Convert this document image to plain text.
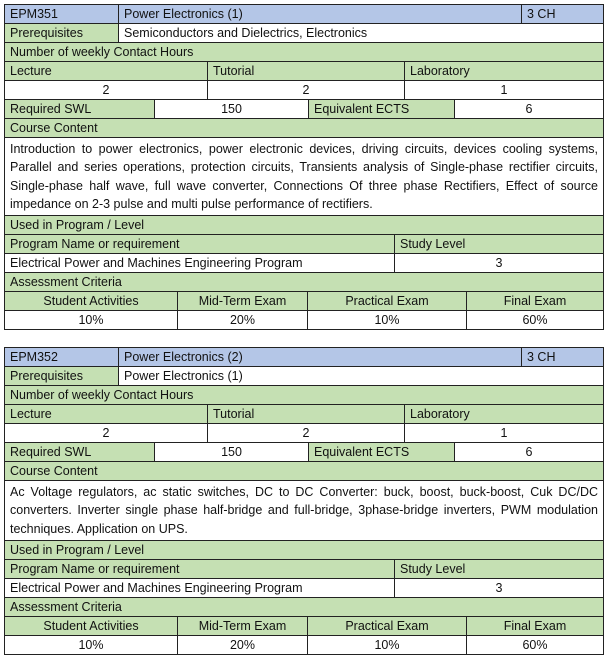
EPM351	Power Electronics (1)	3 CH
Prerequisites	Semiconductors and Dielectrics, Electronics
Number of weekly Contact Hours
Lecture	Tutorial	Laboratory
2	2	1
Required SWL	150	Equivalent ECTS	6
Course Content
Introduction to power electronics, power electronic devices, driving circuits, devices cooling systems, Parallel and series operations, protection circuits, Transients analysis of Single-phase rectifier circuits, Single-phase half wave, full wave converter, Connections Of three phase Rectifiers, Effect of source impedance on 2-3 pulse and multi pulse performance of rectifiers.
Used in Program / Level
Program Name or requirement	Study Level
Electrical Power and Machines Engineering Program	3
Assessment Criteria
Student Activities	Mid-Term Exam	Practical Exam	Final Exam
10%	20%	10%	60%
EPM352	Power Electronics (2)	3 CH
Prerequisites	Power Electronics (1)
Number of weekly Contact Hours
Lecture	Tutorial	Laboratory
2	2	1
Required SWL	150	Equivalent ECTS	6
Course Content
Ac Voltage regulators, ac static switches, DC to DC Converter: buck, boost, buck-boost, Cuk DC/DC converters. Inverter single phase half-bridge and full-bridge, 3phase-bridge inverters, PWM modulation techniques. Application on UPS.
Used in Program / Level
Program Name or requirement	Study Level
Electrical Power and Machines Engineering Program	3
Assessment Criteria
Student Activities	Mid-Term Exam	Practical Exam	Final Exam
10%	20%	10%	60%
